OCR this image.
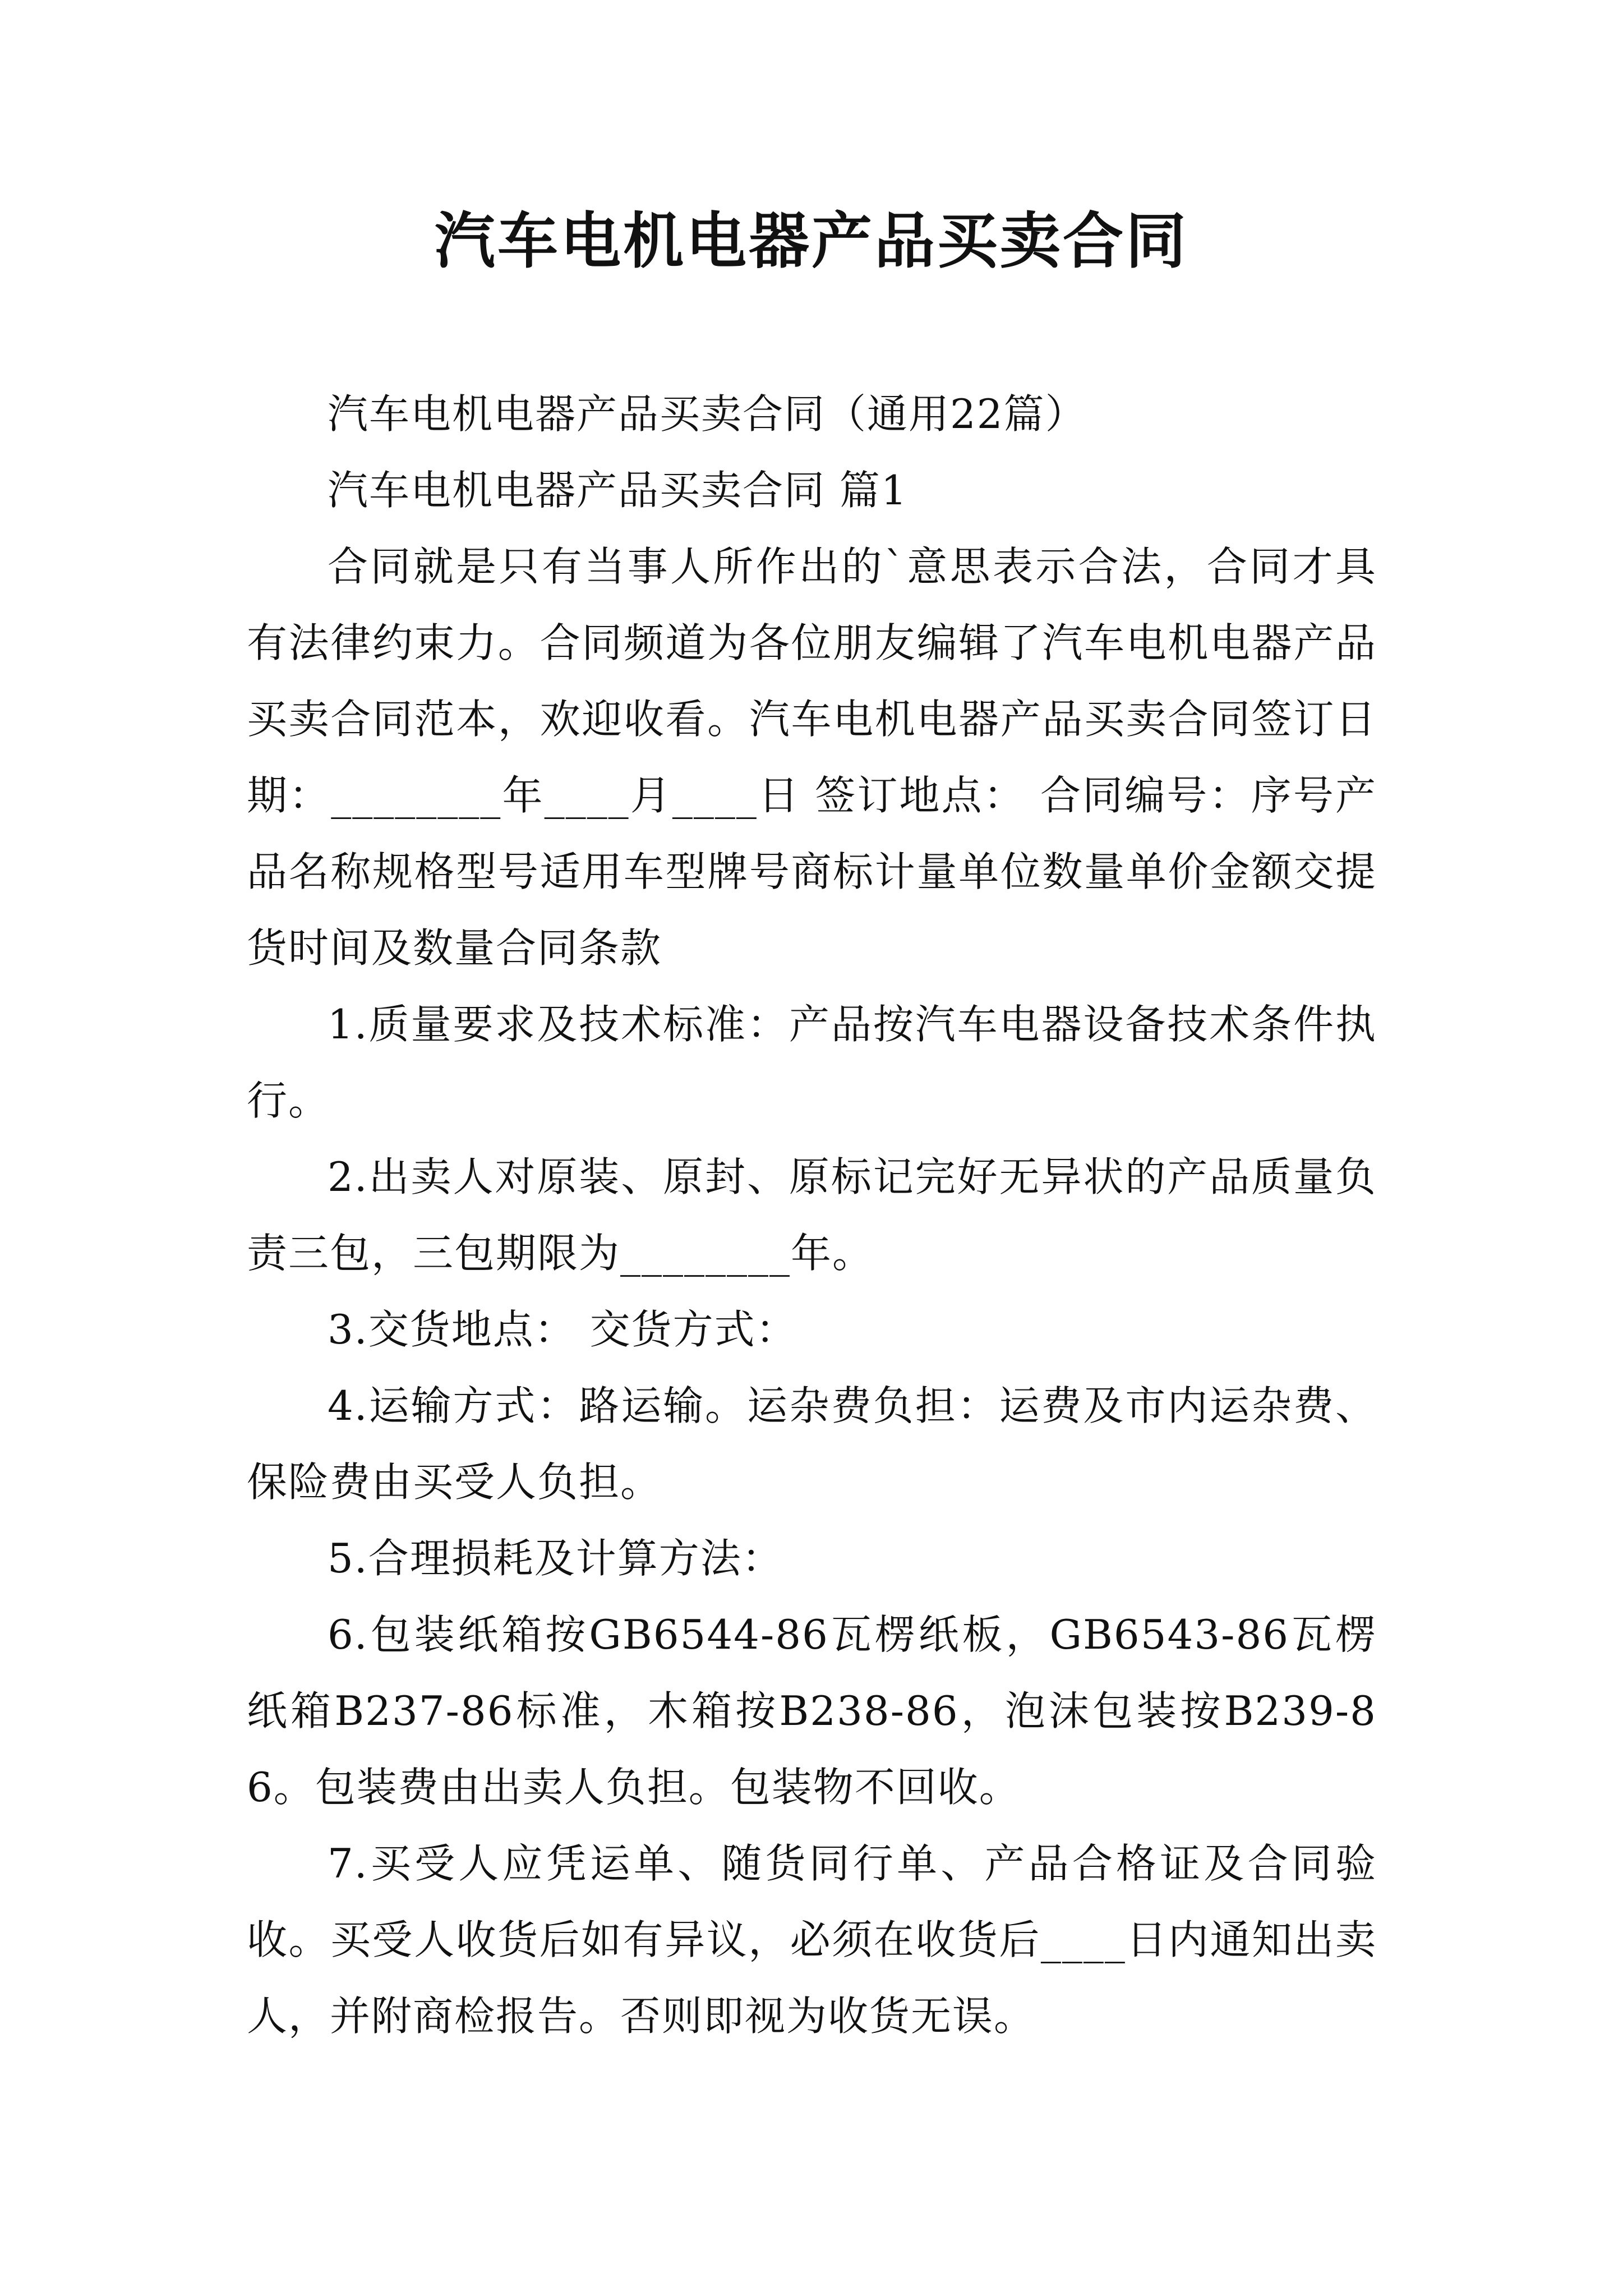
汽车电机电器产品买卖合同

汽车电机电器产品买卖合同（通用22篇）

汽车电机电器产品买卖合同 篇1

合同就是只有当事人所作出的`意思表示合法，合同才具有法律约束力。合同频道为各位朋友编辑了汽车电机电器产品买卖合同范本，欢迎收看。汽车电机电器产品买卖合同签订日期：________年____月____日 签订地点： 合同编号：序号产品名称规格型号适用车型牌号商标计量单位数量单价金额交提货时间及数量合同条款

1.质量要求及技术标准：产品按汽车电器设备技术条件执行。

2.出卖人对原装、原封、原标记完好无异状的产品质量负责三包，三包期限为________年。

3.交货地点： 交货方式：

4.运输方式：路运输。运杂费负担：运费及市内运杂费、保险费由买受人负担。

5.合理损耗及计算方法：

6.包装纸箱按GB6544-86瓦楞纸板，GB6543-86瓦楞纸箱B237-86标准，木箱按B238-86，泡沫包装按B239-86。包装费由出卖人负担。包装物不回收。

7.买受人应凭运单、随货同行单、产品合格证及合同验收。买受人收货后如有异议，必须在收货后____日内通知出卖人，并附商检报告。否则即视为收货无误。
